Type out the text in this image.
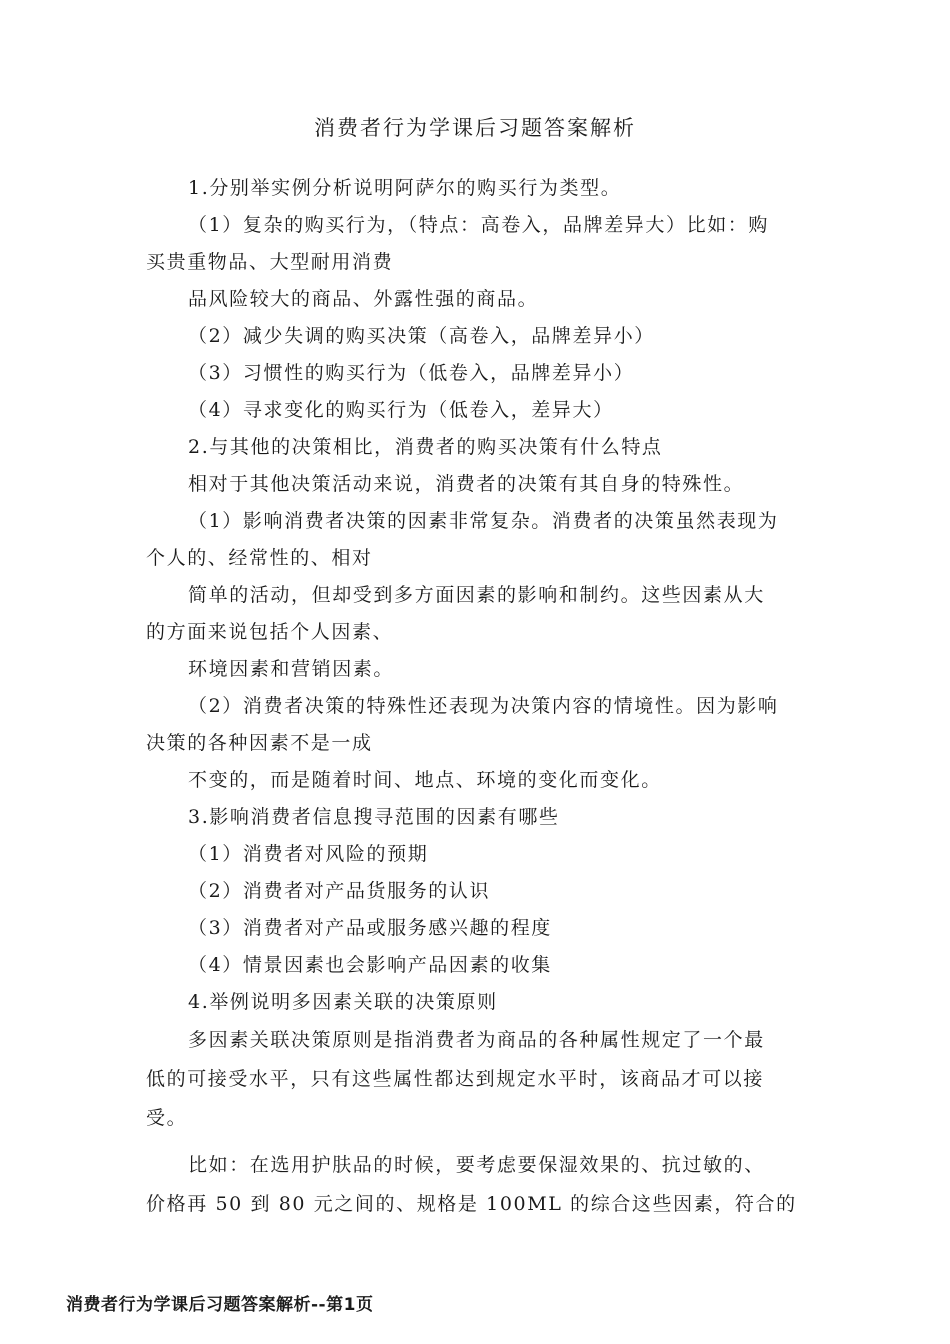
消费者行为学课后习题答案解析
1.分别举实例分析说明阿萨尔的购买行为类型。
（1）复杂的购买行为，（特点：高卷入，品牌差异大）比如：购
买贵重物品、大型耐用消费
品风险较大的商品、外露性强的商品。
（2）减少失调的购买决策（高卷入，品牌差异小）
（3）习惯性的购买行为（低卷入，品牌差异小）
（4）寻求变化的购买行为（低卷入，差异大）
2.与其他的决策相比，消费者的购买决策有什么特点
相对于其他决策活动来说，消费者的决策有其自身的特殊性。
（1）影响消费者决策的因素非常复杂。消费者的决策虽然表现为
个人的、经常性的、相对
简单的活动，但却受到多方面因素的影响和制约。这些因素从大
的方面来说包括个人因素、
环境因素和营销因素。
（2）消费者决策的特殊性还表现为决策内容的情境性。因为影响
决策的各种因素不是一成
不变的，而是随着时间、地点、环境的变化而变化。
3.影响消费者信息搜寻范围的因素有哪些
（1）消费者对风险的预期
（2）消费者对产品货服务的认识
（3）消费者对产品或服务感兴趣的程度
（4）情景因素也会影响产品因素的收集
4.举例说明多因素关联的决策原则
多因素关联决策原则是指消费者为商品的各种属性规定了一个最
低的可接受水平，只有这些属性都达到规定水平时，该商品才可以接
受。
比如：在选用护肤品的时候，要考虑要保湿效果的、抗过敏的、
价格再 50 到 80 元之间的、规格是 100ML 的综合这些因素，符合的
消费者行为学课后习题答案解析--第1页
